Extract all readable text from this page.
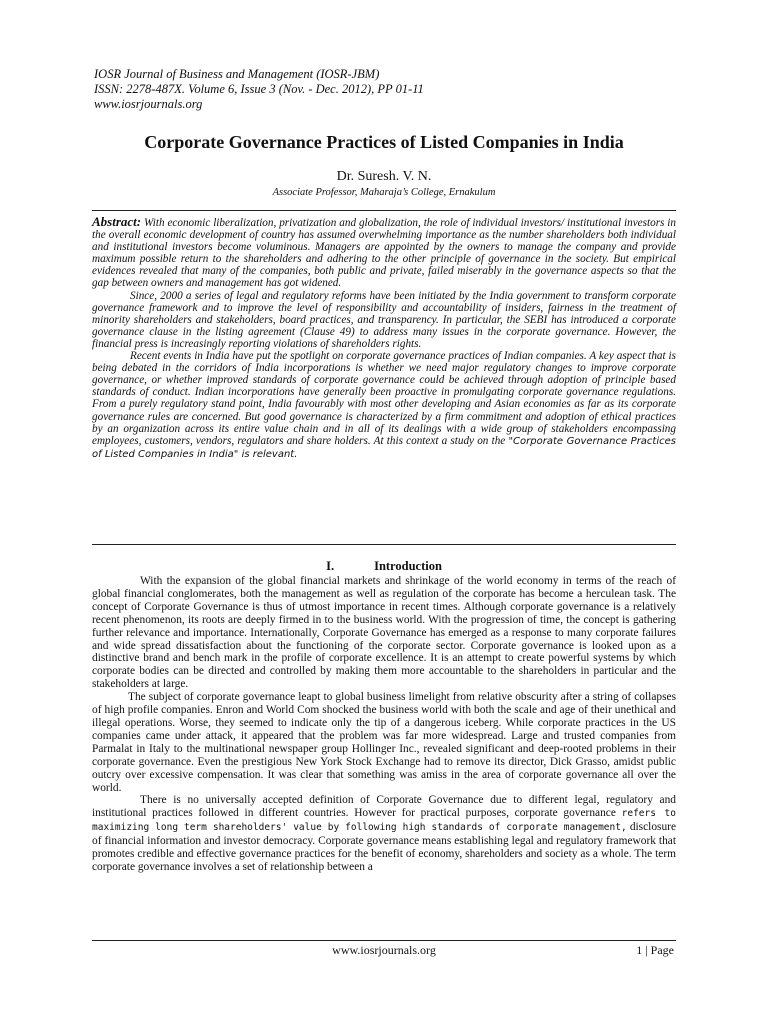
IOSR Journal of Business and Management (IOSR-JBM)
ISSN: 2278-487X. Volume 6, Issue 3 (Nov. - Dec. 2012), PP 01-11
www.iosrjournals.org
Corporate Governance Practices of Listed Companies in India
Dr. Suresh. V. N.
Associate Professor, Maharaja’s College, Ernakulum

Abstract: With economic liberalization, privatization and globalization, the role of individual investors/ institutional investors in the overall economic development of country has assumed overwhelming importance as the number shareholders both individual and institutional investors become voluminous. Managers are appointed by the owners to manage the company and provide maximum possible return to the shareholders and adhering to the other principle of governance in the society. But empirical evidences revealed that many of the companies, both public and private, failed miserably in the governance aspects so that the gap between owners and management has got widened.

Since, 2000 a series of legal and regulatory reforms have been initiated by the India government to transform corporate governance framework and to improve the level of responsibility and accountability of insiders, fairness in the treatment of minority shareholders and stakeholders, board practices, and transparency. In particular, the SEBI has introduced a corporate governance clause in the listing agreement (Clause 49) to address many issues in the corporate governance. However, the financial press is increasingly reporting violations of shareholders rights.

Recent events in India have put the spotlight on corporate governance practices of Indian companies. A key aspect that is being debated in the corridors of India incorporations is whether we need major regulatory changes to improve corporate governance, or whether improved standards of corporate governance could be achieved through adoption of principle based standards of conduct. Indian incorporations have generally been proactive in promulgating corporate governance regulations. From a purely regulatory stand point, India favourably with most other developing and Asian economies as far as its corporate governance rules are concerned. But good governance is characterized by a firm commitment and adoption of ethical practices by an organization across its entire value chain and in all of its dealings with a wide group of stakeholders encompassing employees, customers, vendors, regulators and share holders. At this context a study on the "Corporate Governance Practices of Listed Companies in India" is relevant.

I.	Introduction

With the expansion of the global financial markets and shrinkage of the world economy in terms of the reach of global financial conglomerates, both the management as well as regulation of the corporate has become a herculean task. The concept of Corporate Governance is thus of utmost importance in recent times. Although corporate governance is a relatively recent phenomenon, its roots are deeply firmed in to the business world. With the progression of time, the concept is gathering further relevance and importance. Internationally, Corporate Governance has emerged as a response to many corporate failures and wide spread dissatisfaction about the functioning of the corporate sector. Corporate governance is looked upon as a distinctive brand and bench mark in the profile of corporate excellence. It is an attempt to create powerful systems by which corporate bodies can be directed and controlled by making them more accountable to the shareholders in particular and the stakeholders at large.

The subject of corporate governance leapt to global business limelight from relative obscurity after a string of collapses of high profile companies. Enron and World Com shocked the business world with both the scale and age of their unethical and illegal operations. Worse, they seemed to indicate only the tip of a dangerous iceberg. While corporate practices in the US companies came under attack, it appeared that the problem was far more widespread. Large and trusted companies from Parmalat in Italy to the multinational newspaper group Hollinger Inc., revealed significant and deep-rooted problems in their corporate governance. Even the prestigious New York Stock Exchange had to remove its director, Dick Grasso, amidst public outcry over excessive compensation. It was clear that something was amiss in the area of corporate governance all over the world.

There is no universally accepted definition of Corporate Governance due to different legal, regulatory and institutional practices followed in different countries. However for practical purposes, corporate governance refers to maximizing long term shareholders' value by following high standards of corporate management, disclosure of financial information and investor democracy. Corporate governance means establishing legal and regulatory framework that promotes credible and effective governance practices for the benefit of economy, shareholders and society as a whole. The term corporate governance involves a set of relationship between a

www.iosrjournals.org	1 | Page
